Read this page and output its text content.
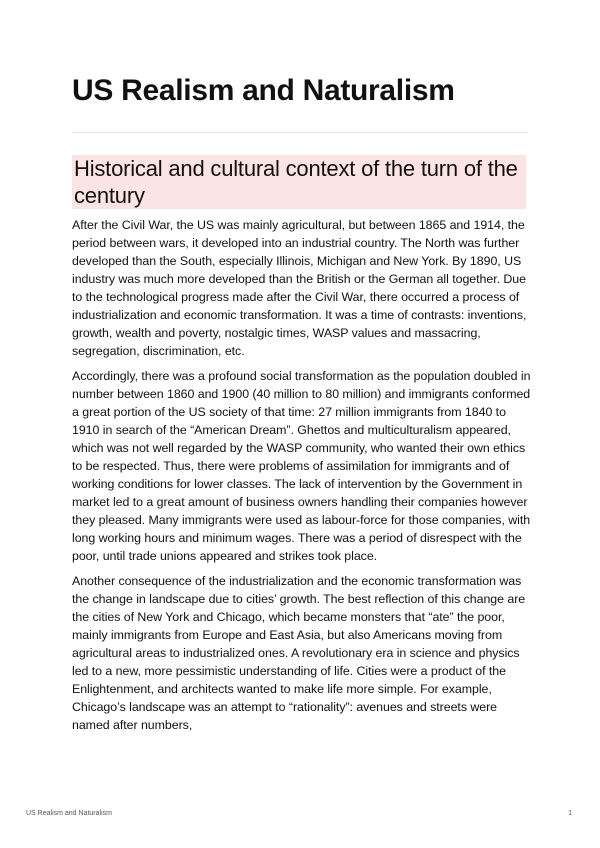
US Realism and Naturalism
Historical and cultural context of the turn of the century

After the Civil War, the US was mainly agricultural, but between 1865 and 1914, the period between wars, it developed into an industrial country. The North was further developed than the South, especially Illinois, Michigan and New York. By 1890, US industry was much more developed than the British or the German all together. Due to the technological progress made after the Civil War, there occurred a process of industrialization and economic transformation. It was a time of contrasts: inventions, growth, wealth and poverty, nostalgic times, WASP values and massacring, segregation, discrimination, etc.

Accordingly, there was a profound social transformation as the population doubled in number between 1860 and 1900 (40 million to 80 million) and immigrants conformed a great portion of the US society of that time: 27 million immigrants from 1840 to 1910 in search of the “American Dream”. Ghettos and multiculturalism appeared, which was not well regarded by the WASP community, who wanted their own ethics to be respected. Thus, there were problems of assimilation for immigrants and of working conditions for lower classes. The lack of intervention by the Government in market led to a great amount of business owners handling their companies however they pleased. Many immigrants were used as labour-force for those companies, with long working hours and minimum wages. There was a period of disrespect with the poor, until trade unions appeared and strikes took place.

Another consequence of the industrialization and the economic transformation was the change in landscape due to cities’ growth. The best reflection of this change are the cities of New York and Chicago, which became monsters that “ate” the poor, mainly immigrants from Europe and East Asia, but also Americans moving from agricultural areas to industrialized ones. A revolutionary era in science and physics led to a new, more pessimistic understanding of life. Cities were a product of the Enlightenment, and architects wanted to make life more simple. For example, Chicago’s landscape was an attempt to “rationality”: avenues and streets were named after numbers,

US Realism and Naturalism	1
